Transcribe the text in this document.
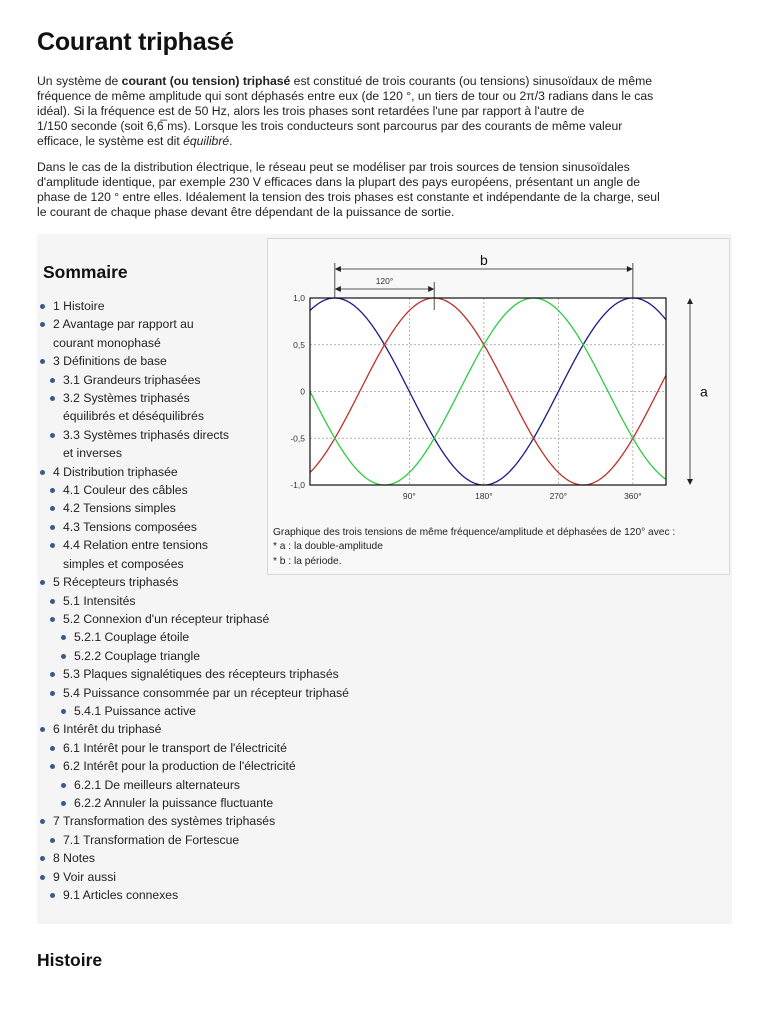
Courant triphasé

Un système de courant (ou tension) triphasé est constitué de trois courants (ou tensions) sinusoïdaux de même
fréquence de même amplitude qui sont déphasés entre eux (de 120 °, un tiers de tour ou 2π/3 radians dans le cas
idéal). Si la fréquence est de 50 Hz, alors les trois phases sont retardées l'une par rapport à l'autre de
1/150 seconde (soit 6,6̅ ms). Lorsque les trois conducteurs sont parcourus par des courants de même valeur
efficace, le système est dit équilibré.

Dans le cas de la distribution électrique, le réseau peut se modéliser par trois sources de tension sinusoïdales
d'amplitude identique, par exemple 230 V efficaces dans la plupart des pays européens, présentant un angle de
phase de 120 ° entre elles. Idéalement la tension des trois phases est constante et indépendante de la charge, seul
le courant de chaque phase devant être dépendant de la puissance de sortie.

Sommaire
1 Histoire
2 Avantage par rapport au courant monophasé
3 Définitions de base
3.1 Grandeurs triphasées
3.2 Systèmes triphasés équilibrés et déséquilibrés
3.3 Systèmes triphasés directs et inverses
4 Distribution triphasée
4.1 Couleur des câbles
4.2 Tensions simples
4.3 Tensions composées
4.4 Relation entre tensions simples et composées
5 Récepteurs triphasés
5.1 Intensités
5.2 Connexion d'un récepteur triphasé
5.2.1 Couplage étoile
5.2.2 Couplage triangle
5.3 Plaques signalétiques des récepteurs triphasés
5.4 Puissance consommée par un récepteur triphasé
5.4.1 Puissance active
6 Intérêt du triphasé
6.1 Intérêt pour le transport de l'électricité
6.2 Intérêt pour la production de l'électricité
6.2.1 De meilleurs alternateurs
6.2.2 Annuler la puissance fluctuante
7 Transformation des systèmes triphasés
7.1 Transformation de Fortescue
8 Notes
9 Voir aussi
9.1 Articles connexes
1,0
0,5
0
-0,5
-1,0
90°	180°	270°	360°
b
120°
a
Graphique des trois tensions de même fréquence/amplitude et déphasées de 120° avec :
* a : la double-amplitude
* b : la période.
Histoire
